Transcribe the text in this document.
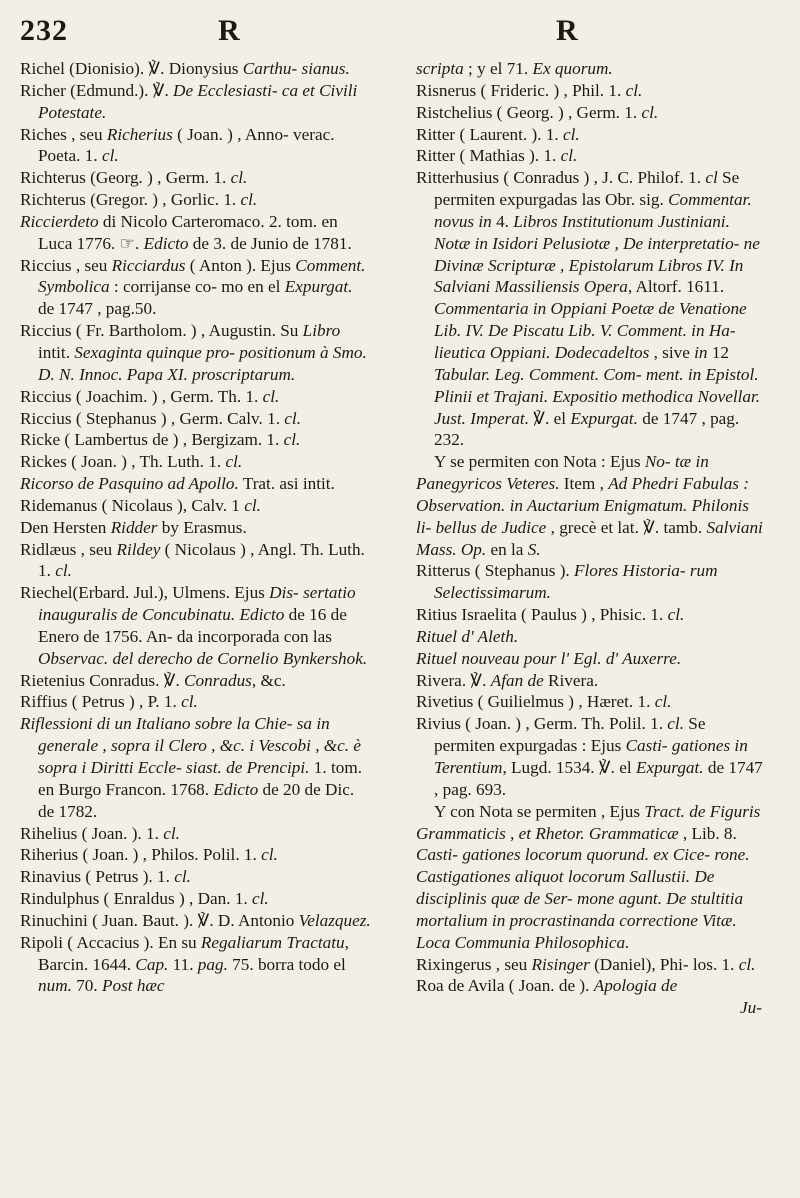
232	R	R

Richel (Dionisio). ℣. Dionysius Carthu- sianus.

Richer (Edmund.). ℣. De Ecclesiasti- ca et Civili Potestate.

Riches , seu Richerius ( Joan. ) , Anno- verac. Poeta. 1. cl.

Richterus (Georg. ) , Germ. 1. cl.

Richterus (Gregor. ) , Gorlic. 1. cl.

Riccierdeto di Nicolo Carteromaco. 2. tom. en Luca 1776. ☞. Edicto de 3. de Junio de 1781.

Riccius , seu Ricciardus ( Anton ). Ejus Comment. Symbolica : corrijanse co- mo en el Expurgat. de 1747 , pag.50.

Riccius ( Fr. Bartholom. ) , Augustin. Su Libro intit. Sexaginta quinque pro- positionum à Smo. D. N. Innoc. Papa XI. proscriptarum.

Riccius ( Joachim. ) , Germ. Th. 1. cl.

Riccius ( Stephanus ) , Germ. Calv. 1. cl.

Ricke ( Lambertus de ) , Bergizam. 1. cl.

Rickes ( Joan. ) , Th. Luth. 1. cl.

Ricorso de Pasquino ad Apollo. Trat. asi intit.

Ridemanus ( Nicolaus ), Calv. 1 cl.

Den Hersten Ridder by Erasmus.

Ridlæus , seu Rildey ( Nicolaus ) , Angl. Th. Luth. 1. cl.

Riechel(Erbard. Jul.), Ulmens. Ejus Dis- sertatio inauguralis de Concubinatu. Edicto de 16 de Enero de 1756. An- da incorporada con las Observac. del derecho de Cornelio Bynkershok.

Rietenius Conradus. ℣. Conradus, &c.

Riffius ( Petrus ) , P. 1. cl.

Riflessioni di un Italiano sobre la Chie- sa in generale , sopra il Clero , &c. i Vescobi , &c. è sopra i Diritti Eccle- siast. de Prencipi. 1. tom. en Burgo Francon. 1768. Edicto de 20 de Dic. de 1782.

Rihelius ( Joan. ). 1. cl.

Riherius ( Joan. ) , Philos. Polil. 1. cl.

Rinavius ( Petrus ). 1. cl.

Rindulphus ( Enraldus ) , Dan. 1. cl.

Rinuchini ( Juan. Baut. ). ℣. D. Antonio Velazquez.

Ripoli ( Accacius ). En su Regaliarum Tractatu, Barcin. 1644. Cap. 11. pag. 75. borra todo el num. 70. Post hæc

scripta ; y el 71. Ex quorum.

Risnerus ( Frideric. ) , Phil. 1. cl.

Ristchelius ( Georg. ) , Germ. 1. cl.

Ritter ( Laurent. ). 1. cl.

Ritter ( Mathias ). 1. cl.

Ritterhusius ( Conradus ) , J. C. Philof. 1. cl Se permiten expurgadas las Obr. sig. Commentar. novus in 4. Libros Institutionum Justiniani. Notæ in Isidori Pelusiotæ , De interpretatio- ne Divinæ Scripturæ , Epistolarum Libros IV. In Salviani Massiliensis Opera, Altorf. 1611. Commentaria in Oppiani Poetæ de Venatione Lib. IV. De Piscatu Lib. V. Comment. in Ha- lieutica Oppiani. Dodecadeltos , sive in 12 Tabular. Leg. Comment. Com- ment. in Epistol. Plinii et Trajani. Expositio methodica Novellar. Just. Imperat. ℣. el Expurgat. de 1747 , pag. 232.

Y se permiten con Nota : Ejus No- tæ in Panegyricos Veteres. Item , Ad Phedri Fabulas : Observation. in Auctarium Enigmatum. Philonis li- bellus de Judice , grecè et lat. ℣. tamb. Salviani Mass. Op. en la S.

Ritterus ( Stephanus ). Flores Historia- rum Selectissimarum.

Ritius Israelita ( Paulus ) , Phisic. 1. cl.

Rituel d' Aleth.

Rituel nouveau pour l' Egl. d' Auxerre.

Rivera. ℣. Afan de Rivera.

Rivetius ( Guilielmus ) , Hæret. 1. cl.

Rivius ( Joan. ) , Germ. Th. Polil. 1. cl. Se permiten expurgadas : Ejus Casti- gationes in Terentium, Lugd. 1534. ℣. el Expurgat. de 1747 , pag. 693.

Y con Nota se permiten , Ejus Tract. de Figuris Grammaticis , et Rhetor. Grammaticæ , Lib. 8. Casti- gationes locorum quorund. ex Cice- rone. Castigationes aliquot locorum Sallustii. De disciplinis quæ de Ser- mone agunt. De stultitia mortalium in procrastinanda correctione Vitæ. Loca Communia Philosophica.

Rixingerus , seu Risinger (Daniel), Phi- los. 1. cl.

Roa de Avila ( Joan. de ). Apologia de

Ju-
